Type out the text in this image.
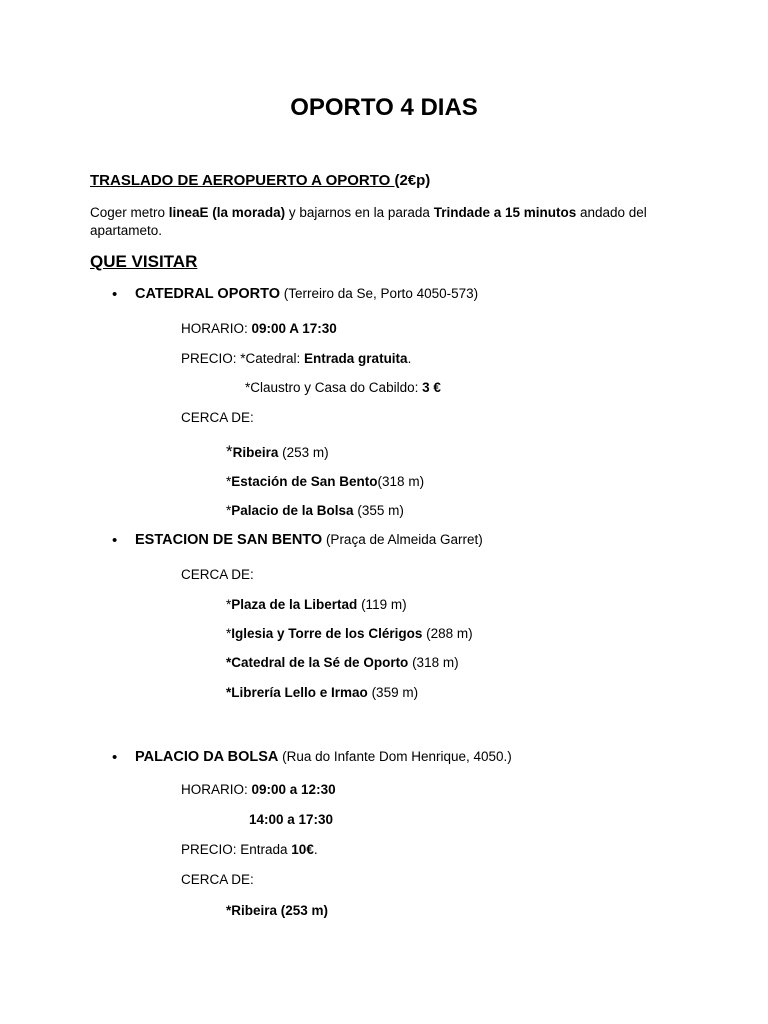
OPORTO 4 DIAS
TRASLADO DE AEROPUERTO A OPORTO (2€p)
Coger metro lineaE (la morada) y bajarnos en la parada Trindade a 15 minutos andado del apartameto.
QUE VISITAR
• CATEDRAL OPORTO (Terreiro da Se, Porto 4050-573)
HORARIO: 09:00 A 17:30
PRECIO: *Catedral: Entrada gratuita.
*Claustro y Casa do Cabildo: 3 €
CERCA DE:
*Ribeira (253 m)
*Estación de San Bento(318 m)
*Palacio de la Bolsa (355 m)
• ESTACION DE SAN BENTO (Praça de Almeida Garret)
CERCA DE:
*Plaza de la Libertad (119 m)
*Iglesia y Torre de los Clérigos (288 m)
*Catedral de la Sé de Oporto (318 m)
*Librería Lello e Irmao (359 m)
• PALACIO DA BOLSA (Rua do Infante Dom Henrique, 4050.)
HORARIO: 09:00 a 12:30
14:00 a 17:30
PRECIO: Entrada 10€.
CERCA DE:
*Ribeira (253 m)
